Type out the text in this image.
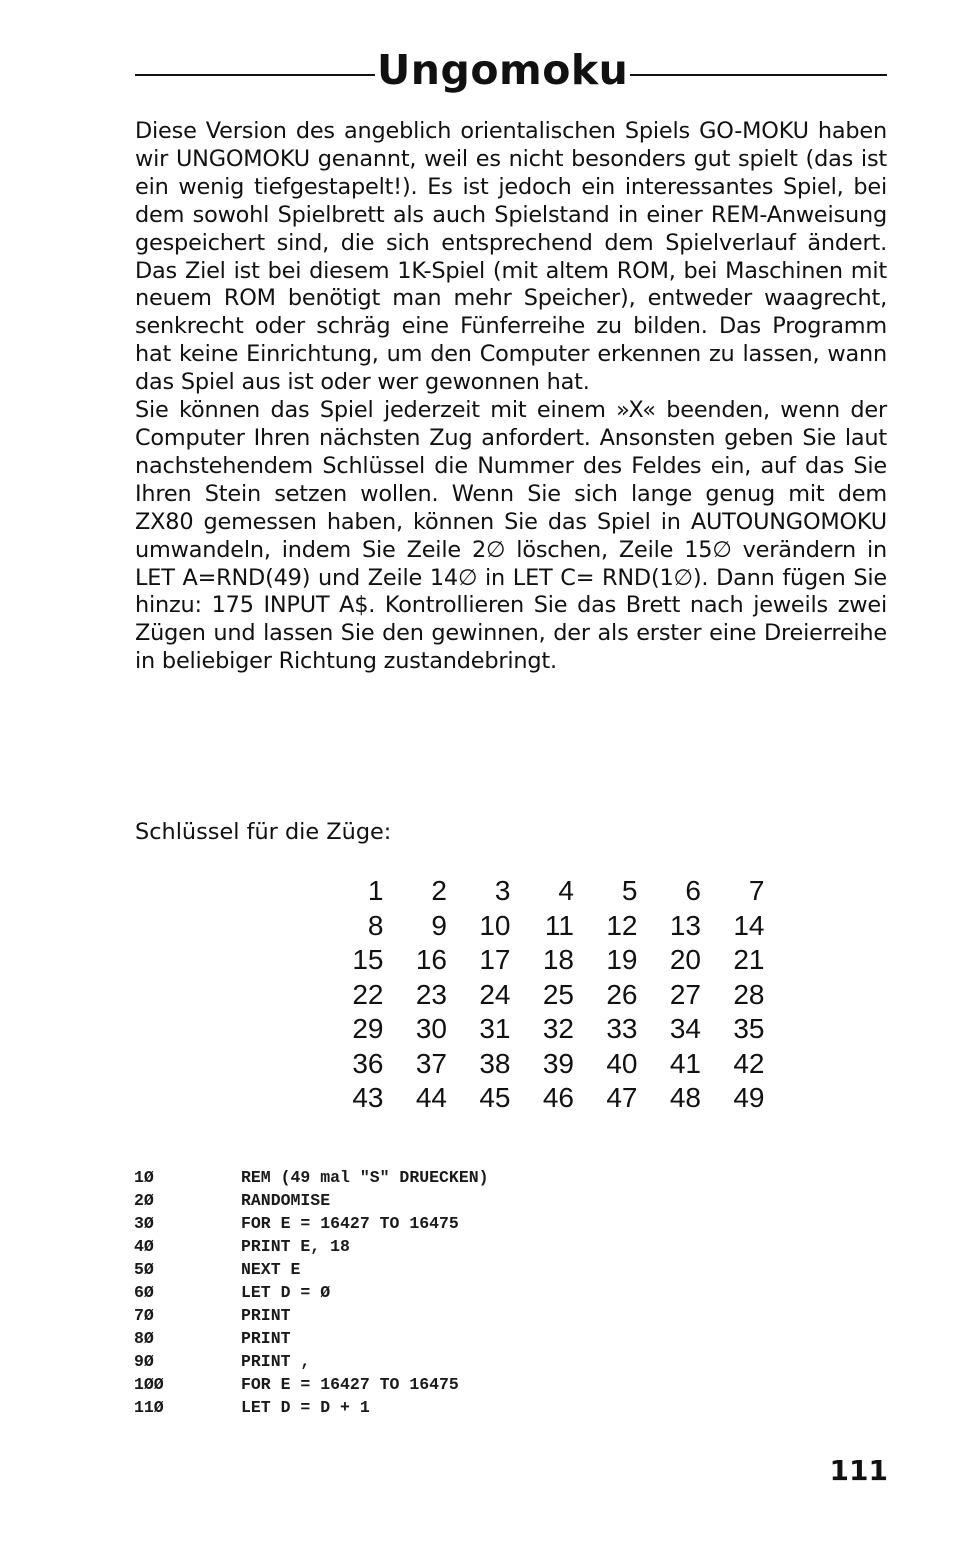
Ungomoku

Diese Version des angeblich orientalischen Spiels GO-MOKU haben wir UNGOMOKU genannt, weil es nicht besonders gut spielt (das ist ein wenig tiefgestapelt!). Es ist jedoch ein interessantes Spiel, bei dem sowohl Spielbrett als auch Spielstand in einer REM-Anweisung gespeichert sind, die sich entsprechend dem Spielverlauf ändert. Das Ziel ist bei diesem 1K-Spiel (mit altem ROM, bei Maschinen mit neuem ROM benötigt man mehr Speicher), entweder waagrecht, senkrecht oder schräg eine Fünferreihe zu bilden. Das Programm hat keine Einrichtung, um den Computer erkennen zu lassen, wann das Spiel aus ist oder wer gewonnen hat.

Sie können das Spiel jederzeit mit einem »X« beenden, wenn der Computer Ihren nächsten Zug anfordert. Ansonsten geben Sie laut nachstehendem Schlüssel die Nummer des Feldes ein, auf das Sie Ihren Stein setzen wollen. Wenn Sie sich lange genug mit dem ZX80 gemessen haben, können Sie das Spiel in AUTOUNGOMOKU umwandeln, indem Sie Zeile 2∅ löschen, Zeile 15∅ verändern in LET A=RND(49) und Zeile 14∅ in LET C= RND(1∅). Dann fügen Sie hinzu: 175 INPUT A$. Kontrollieren Sie das Brett nach jeweils zwei Zügen und lassen Sie den gewinnen, der als erster eine Dreierreihe in beliebiger Richtung zustandebringt.

Schlüssel für die Züge:
1	2	3	4	5	6	7
8	9	10	11	12	13	14
15	16	17	18	19	20	21
22	23	24	25	26	27	28
29	30	31	32	33	34	35
36	37	38	39	40	41	42
43	44	45	46	47	48	49
1Ø	REM (49 mal "S" DRUECKEN)
2Ø	RANDOMISE
3Ø	FOR E = 16427 TO 16475
4Ø	PRINT E, 18
5Ø	NEXT E
6Ø	LET D = Ø
7Ø	PRINT
8Ø	PRINT
9Ø	PRINT ,
1ØØ	FOR E = 16427 TO 16475
11Ø	LET D = D + 1
111
